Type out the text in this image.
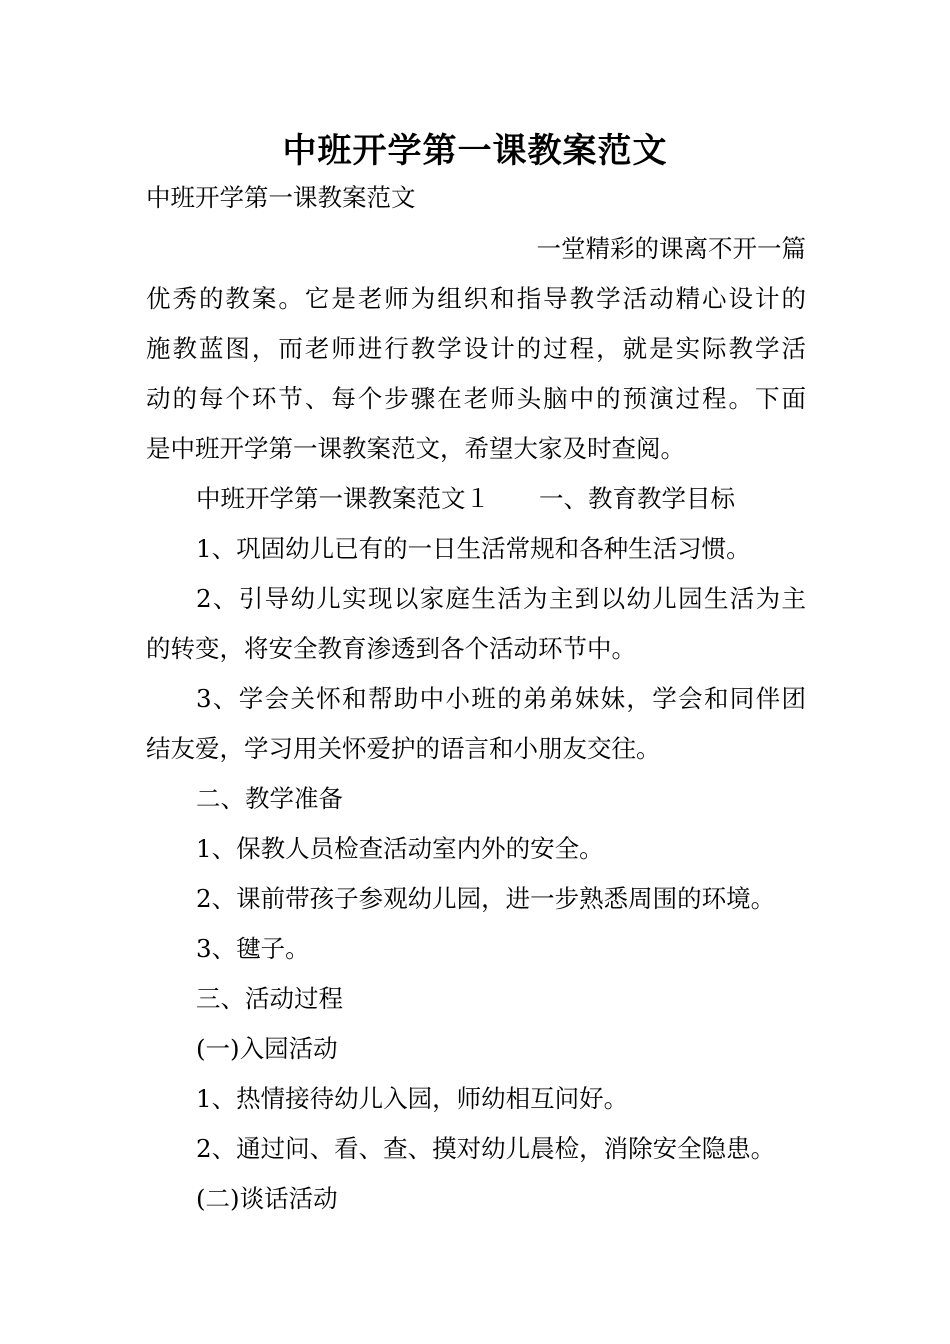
中班开学第一课教案范文
中班开学第一课教案范文
一堂精彩的课离不开一篇
优秀的教案。它是老师为组织和指导教学活动精心设计的
施教蓝图，而老师进行教学设计的过程，就是实际教学活
动的每个环节、每个步骤在老师头脑中的预演过程。下面
是中班开学第一课教案范文，希望大家及时查阅。
中班开学第一课教案范文１　　一、教育教学目标
1、巩固幼儿已有的一日生活常规和各种生活习惯。
2、引导幼儿实现以家庭生活为主到以幼儿园生活为主
的转变，将安全教育渗透到各个活动环节中。
3、学会关怀和帮助中小班的弟弟妹妹，学会和同伴团
结友爱，学习用关怀爱护的语言和小朋友交往。
二、教学准备
1、保教人员检查活动室内外的安全。
2、课前带孩子参观幼儿园，进一步熟悉周围的环境。
3、毽子。
三、活动过程
(一)入园活动
1、热情接待幼儿入园，师幼相互问好。
2、通过问、看、查、摸对幼儿晨检，消除安全隐患。
(二)谈话活动
